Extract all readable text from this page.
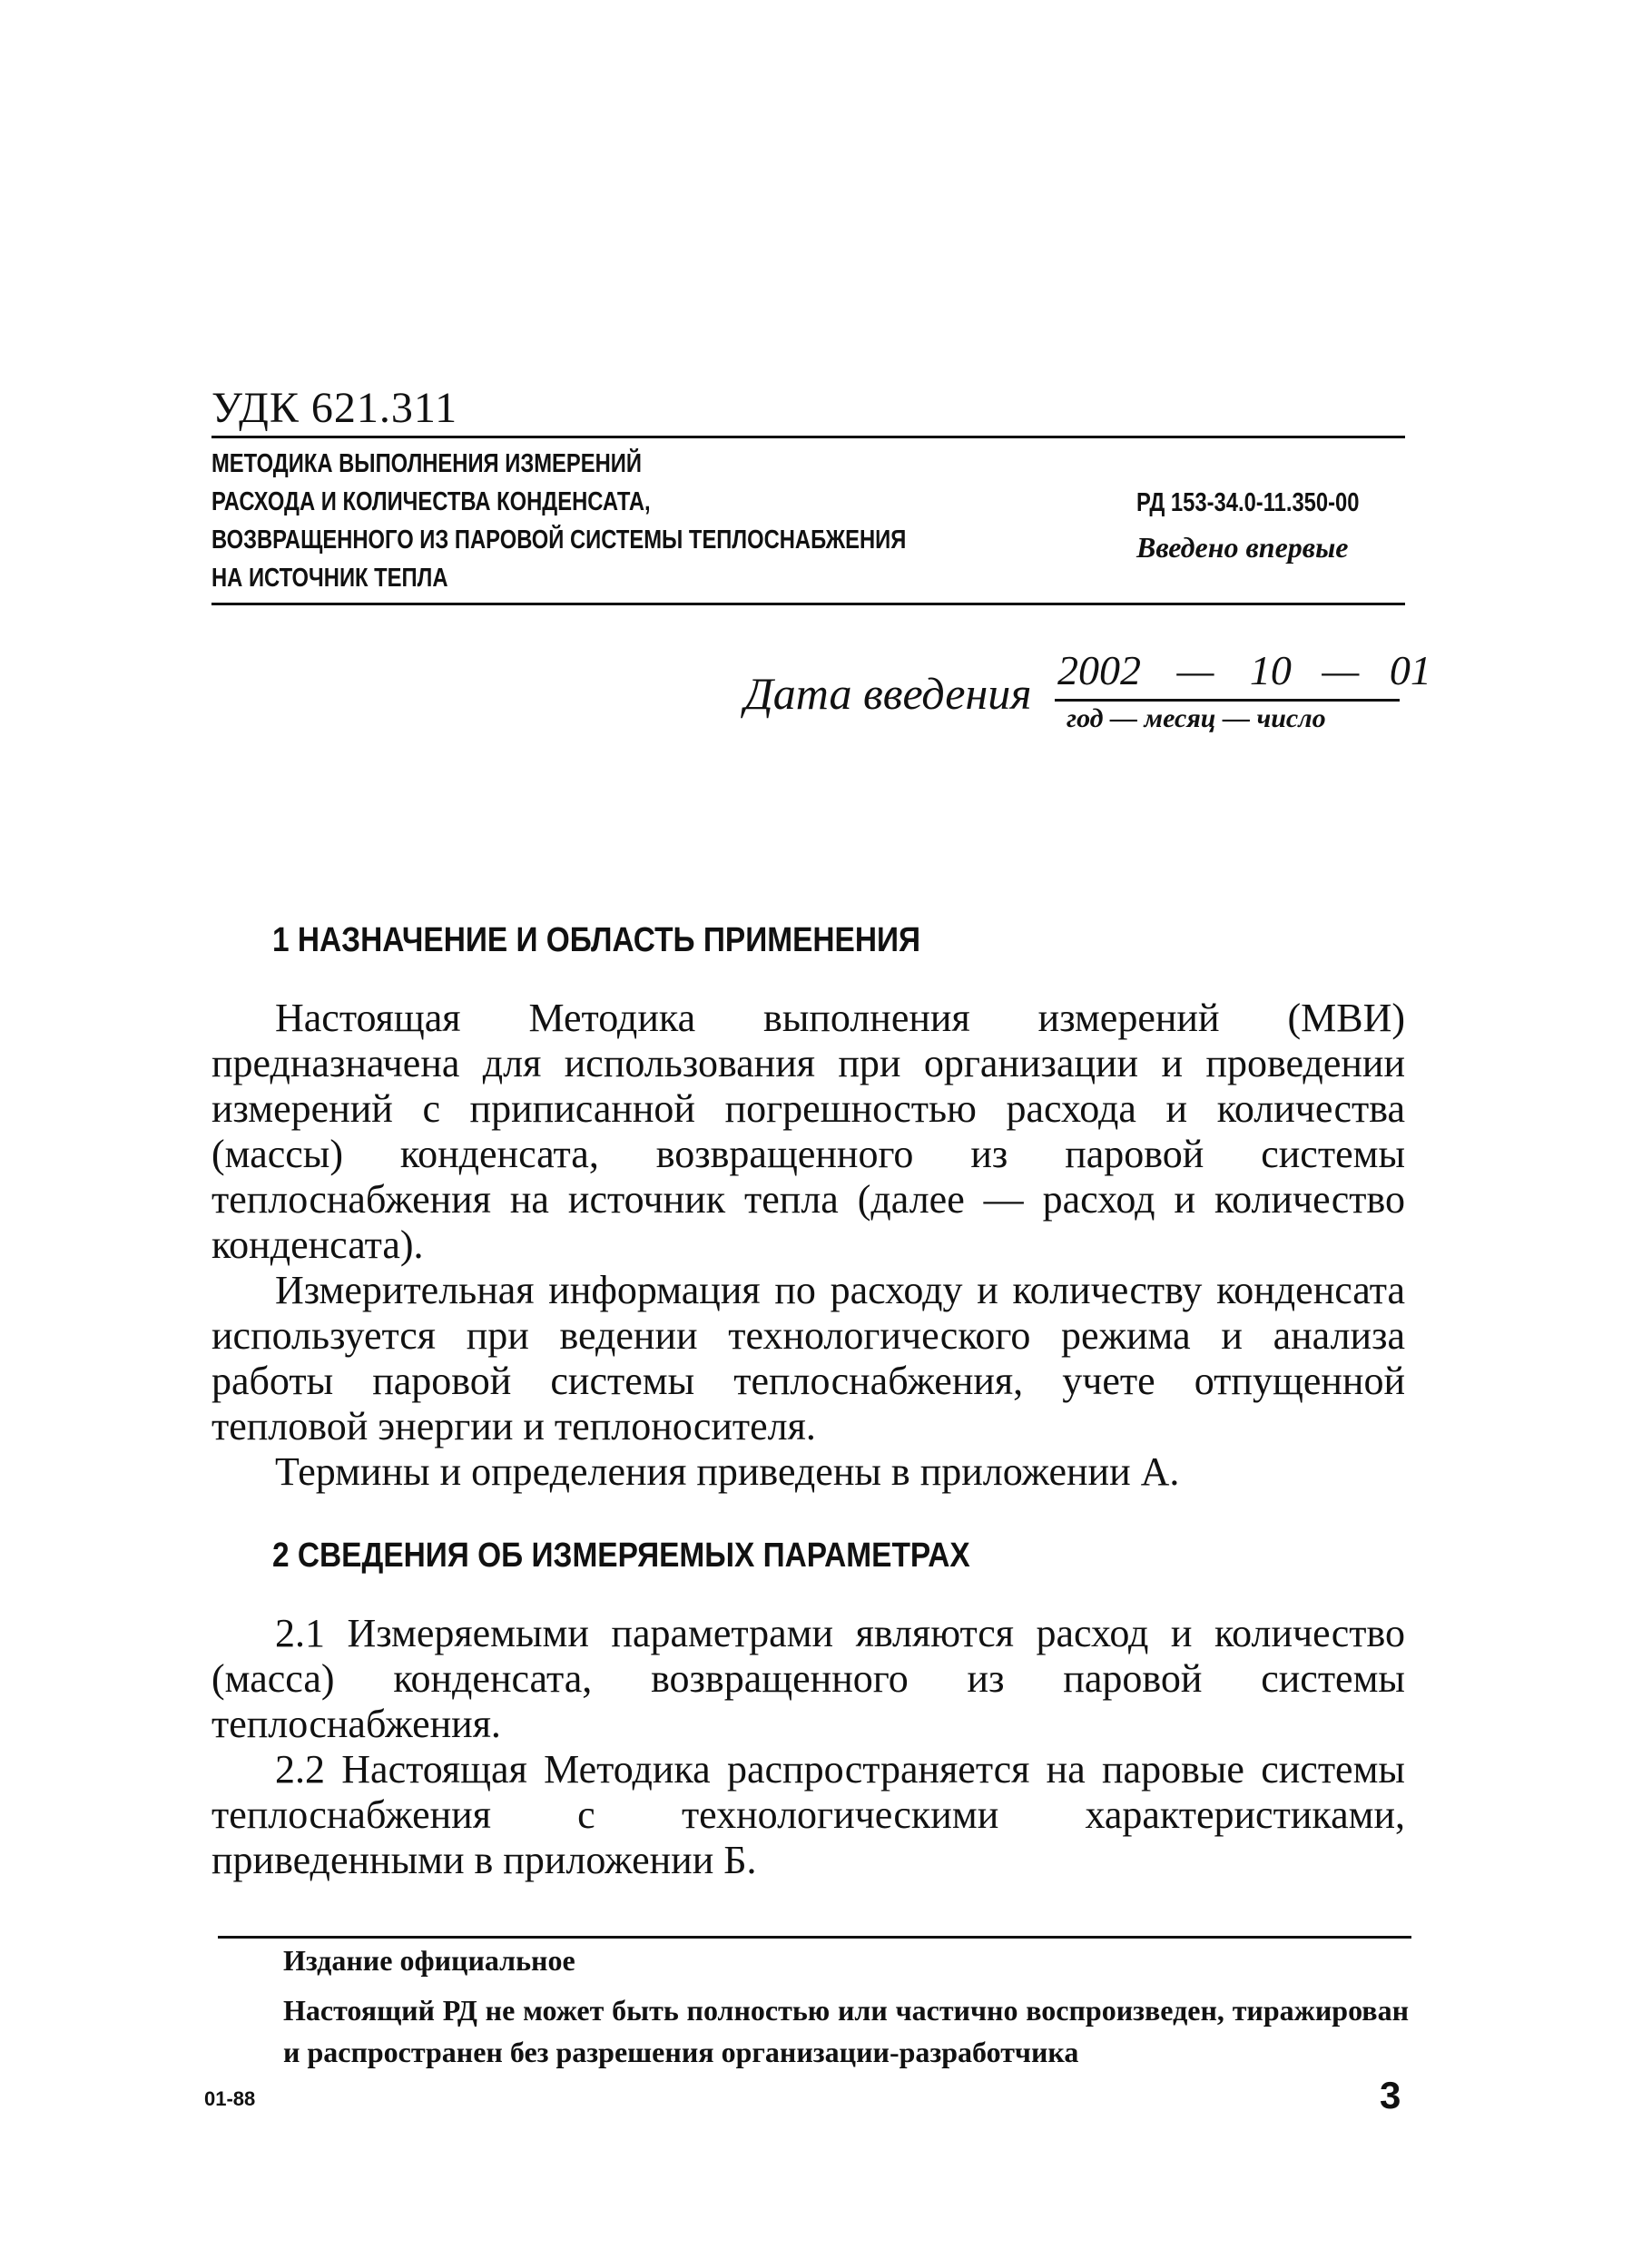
УДК 621.311
МЕТОДИКА ВЫПОЛНЕНИЯ ИЗМЕРЕНИЙ
РАСХОДА И КОЛИЧЕСТВА КОНДЕНСАТА,
ВОЗВРАЩЕННОГО ИЗ ПАРОВОЙ СИСТЕМЫ ТЕПЛОСНАБЖЕНИЯ
НА ИСТОЧНИК ТЕПЛА
РД 153-34.0-11.350-00
Введено впервые
Дата введения 2002 — 10 — 01
год — месяц — число
1 НАЗНАЧЕНИЕ И ОБЛАСТЬ ПРИМЕНЕНИЯ

Настоящая Методика выполнения измерений (МВИ) предназначена для использования при организации и проведении измерений с приписанной погрешностью расхода и количества (массы) конденсата, возвращенного из паровой системы теплоснабжения на источник тепла (далее — расход и количество конденсата).

Измерительная информация по расходу и количеству конденсата используется при ведении технологического режима и анализа работы паровой системы теплоснабжения, учете отпущенной тепловой энергии и теплоносителя.

Термины и определения приведены в приложении А.

2 СВЕДЕНИЯ ОБ ИЗМЕРЯЕМЫХ ПАРАМЕТРАХ

2.1 Измеряемыми параметрами являются расход и количество (масса) конденсата, возвращенного из паровой системы теплоснабжения.

2.2 Настоящая Методика распространяется на паровые системы теплоснабжения с технологическими характеристиками, приведенными в приложении Б.

Издание официальное
Настоящий РД не может быть полностью или частично воспроизведен, тиражирован и распространен без разрешения организации-разработчика
01-88	3
